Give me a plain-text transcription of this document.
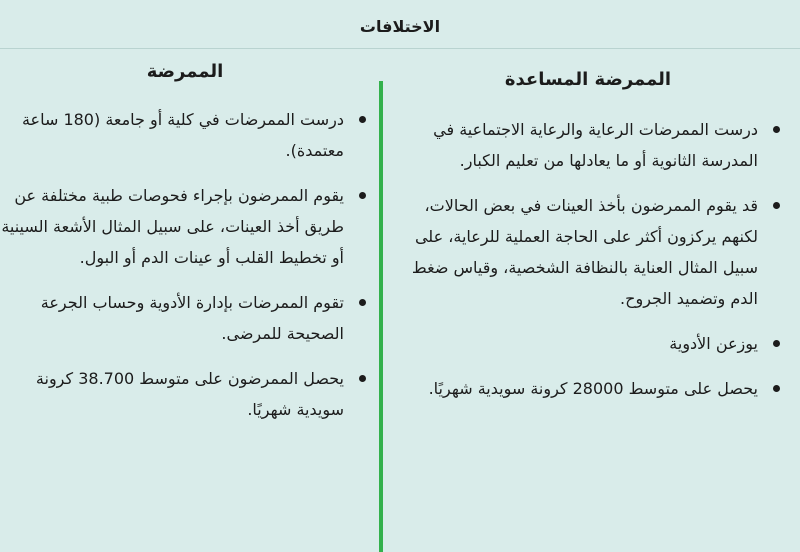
الاختلافات
الممرضة المساعدة
درست الممرضات الرعاية والرعاية الاجتماعية في المدرسة الثانوية أو ما يعادلها من تعليم الكبار.
قد يقوم الممرضون بأخذ العينات في بعض الحالات، لكنهم يركزون أكثر على الحاجة العملية للرعاية، على سبيل المثال العناية بالنظافة الشخصية، وقياس ضغط الدم وتضميد الجروح.
يوزعن الأدوية
يحصل على متوسط 28000 كرونة سويدية شهريًا.
الممرضة
درست الممرضات في كلية أو جامعة (180 ساعة معتمدة).
يقوم الممرضون بإجراء فحوصات طبية مختلفة عن طريق أخذ العينات، على سبيل المثال الأشعة السينية أو تخطيط القلب أو عينات الدم أو البول.
تقوم الممرضات بإدارة الأدوية وحساب الجرعة الصحيحة للمرضى.
يحصل الممرضون على متوسط 38.700 كرونة سويدية شهريًا.
